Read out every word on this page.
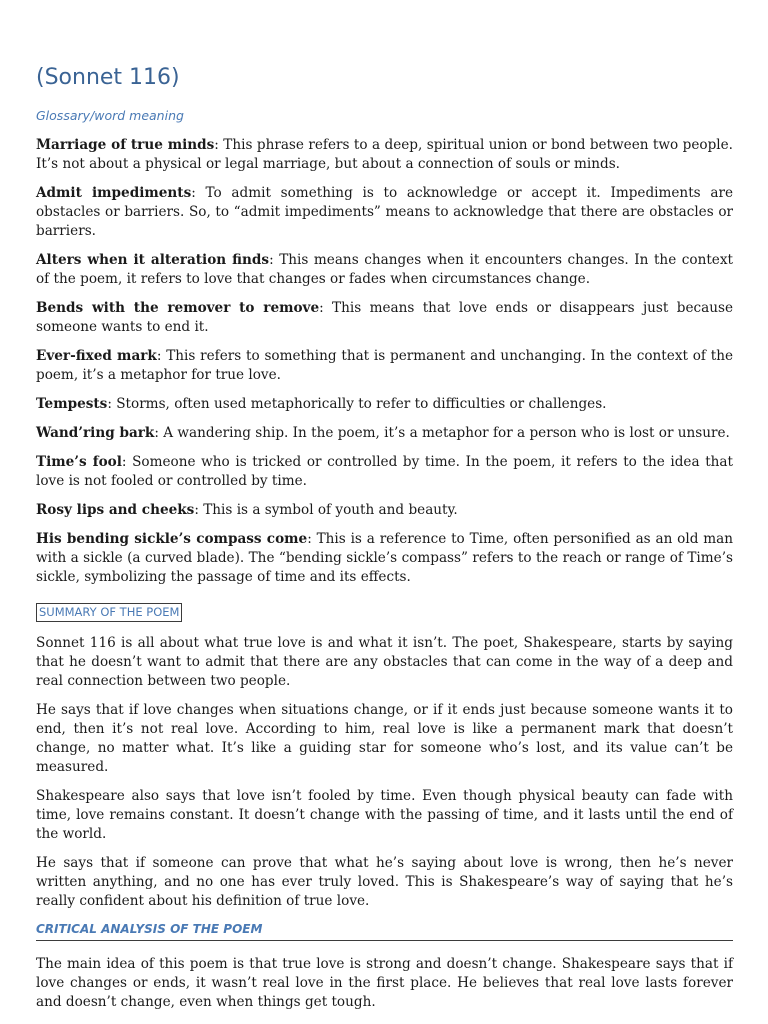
(Sonnet 116)
Glossary/word meaning

Marriage of true minds: This phrase refers to a deep, spiritual union or bond between two people. It’s not about a physical or legal marriage, but about a connection of souls or minds.

Admit impediments: To admit something is to acknowledge or accept it. Impediments are obstacles or barriers. So, to “admit impediments” means to acknowledge that there are obstacles or barriers.

Alters when it alteration finds: This means changes when it encounters changes. In the context of the poem, it refers to love that changes or fades when circumstances change.

Bends with the remover to remove: This means that love ends or disappears just because someone wants to end it.

Ever-fixed mark: This refers to something that is permanent and unchanging. In the context of the poem, it’s a metaphor for true love.

Tempests: Storms, often used metaphorically to refer to difficulties or challenges.

Wand’ring bark: A wandering ship. In the poem, it’s a metaphor for a person who is lost or unsure.

Time’s fool: Someone who is tricked or controlled by time. In the poem, it refers to the idea that love is not fooled or controlled by time.

Rosy lips and cheeks: This is a symbol of youth and beauty.

His bending sickle’s compass come: This is a reference to Time, often personified as an old man with a sickle (a curved blade). The “bending sickle’s compass” refers to the reach or range of Time’s sickle, symbolizing the passage of time and its effects.

SUMMARY OF THE POEM

Sonnet 116 is all about what true love is and what it isn’t. The poet, Shakespeare, starts by saying that he doesn’t want to admit that there are any obstacles that can come in the way of a deep and real connection between two people.

He says that if love changes when situations change, or if it ends just because someone wants it to end, then it’s not real love. According to him, real love is like a permanent mark that doesn’t change, no matter what. It’s like a guiding star for someone who’s lost, and its value can’t be measured.

Shakespeare also says that love isn’t fooled by time. Even though physical beauty can fade with time, love remains constant. It doesn’t change with the passing of time, and it lasts until the end of the world.

He says that if someone can prove that what he’s saying about love is wrong, then he’s never written anything, and no one has ever truly loved. This is Shakespeare’s way of saying that he’s really confident about his definition of true love.

CRITICAL ANALYSIS OF THE POEM

The main idea of this poem is that true love is strong and doesn’t change. Shakespeare says that if love changes or ends, it wasn’t real love in the first place. He believes that real love lasts forever and doesn’t change, even when things get tough.
